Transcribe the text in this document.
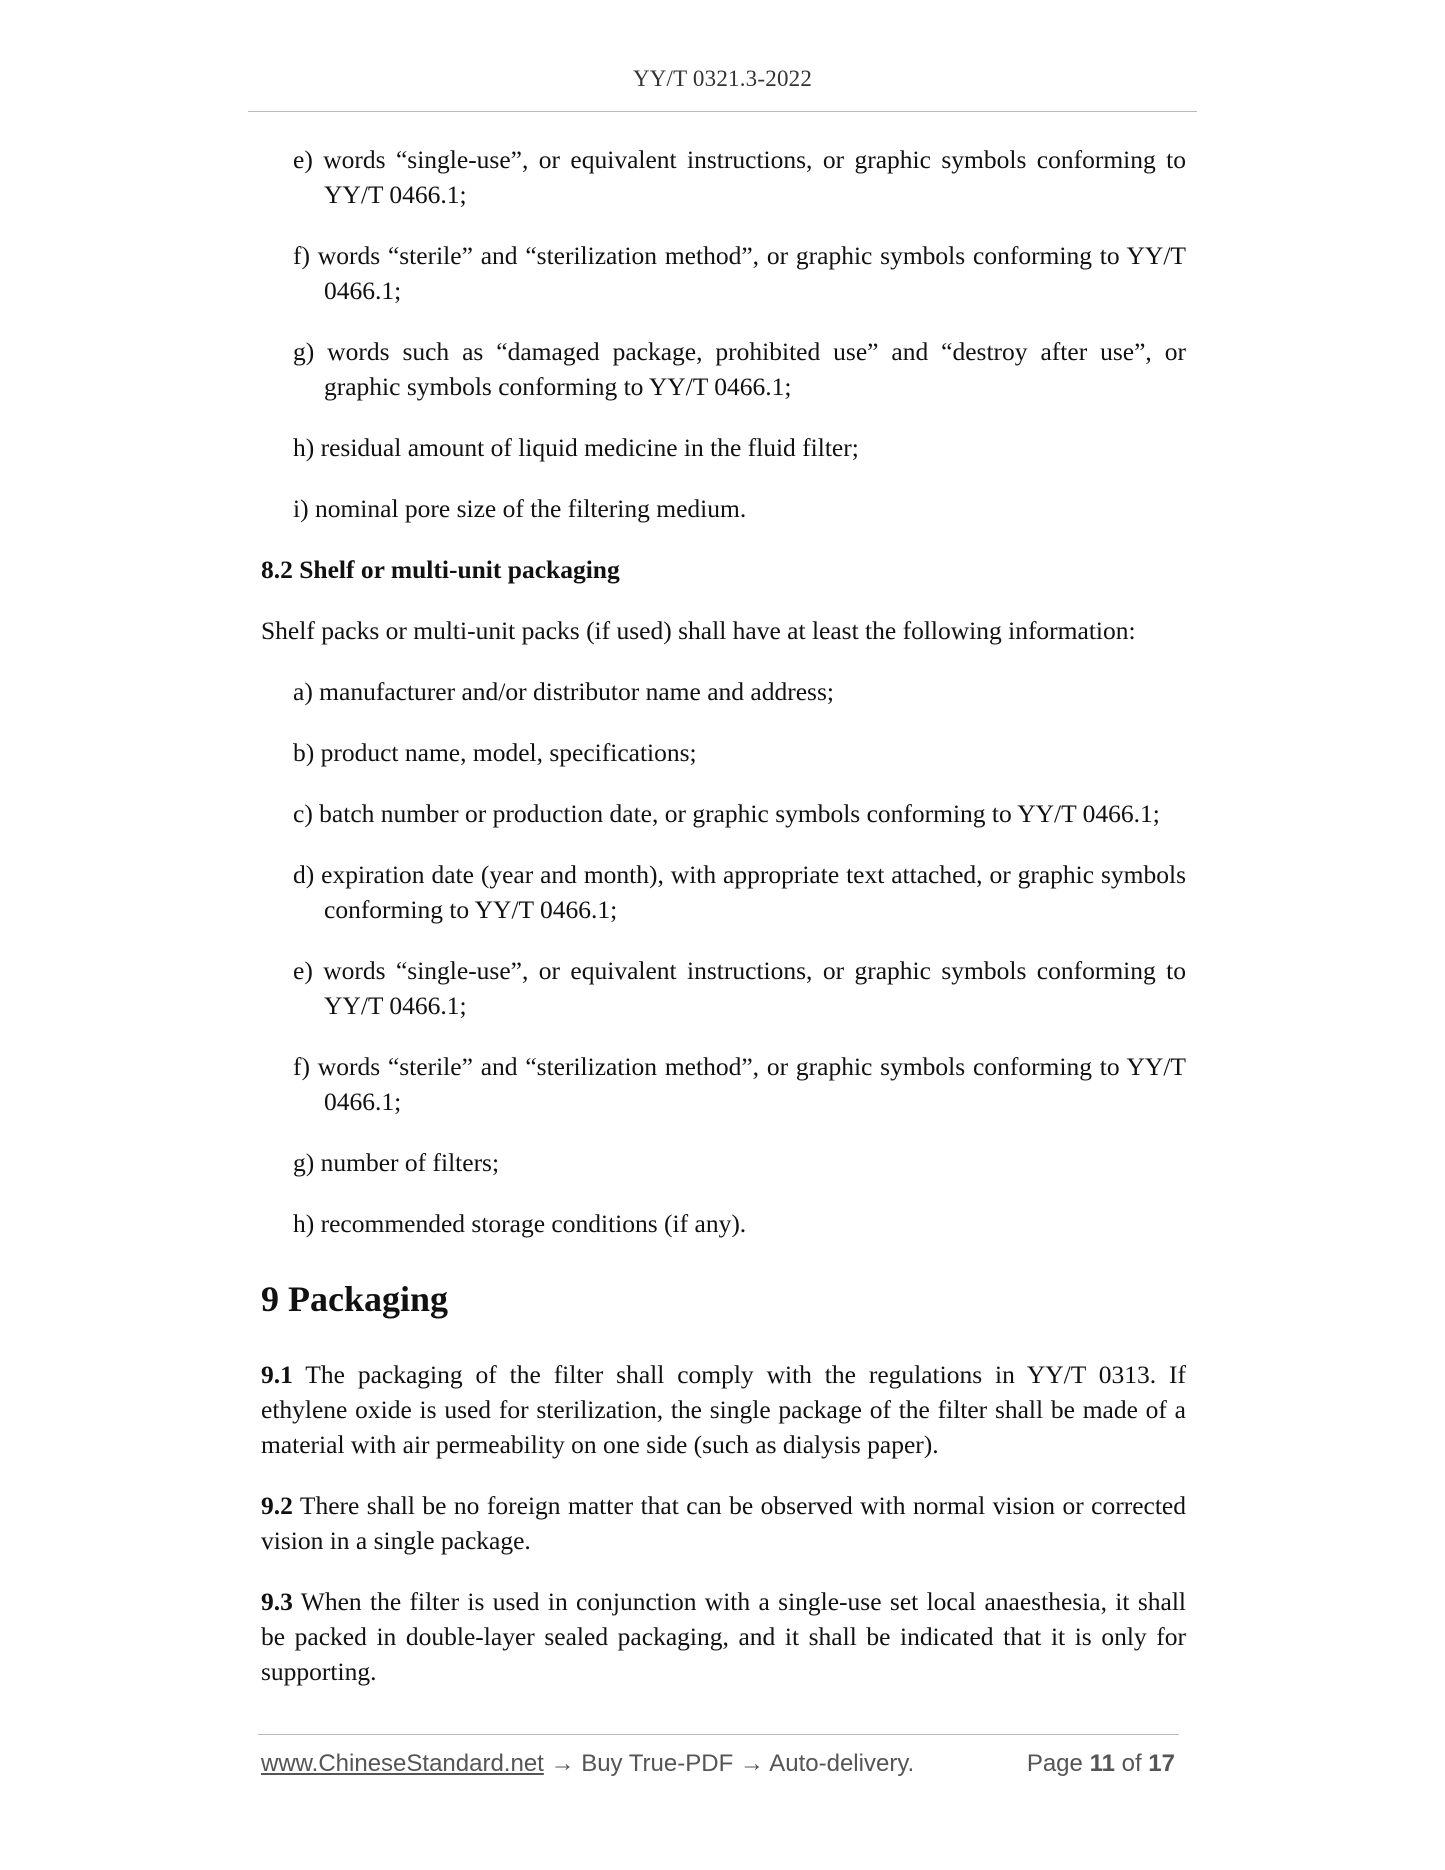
YY/T 0321.3-2022
e) words “single-use”, or equivalent instructions, or graphic symbols conforming to YY/T 0466.1;
f) words “sterile” and “sterilization method”, or graphic symbols conforming to YY/T 0466.1;
g) words such as “damaged package, prohibited use” and “destroy after use”, or graphic symbols conforming to YY/T 0466.1;
h) residual amount of liquid medicine in the fluid filter;
i) nominal pore size of the filtering medium.
8.2 Shelf or multi-unit packaging
Shelf packs or multi-unit packs (if used) shall have at least the following information:
a) manufacturer and/or distributor name and address;
b) product name, model, specifications;
c) batch number or production date, or graphic symbols conforming to YY/T 0466.1;
d) expiration date (year and month), with appropriate text attached, or graphic symbols conforming to YY/T 0466.1;
e) words “single-use”, or equivalent instructions, or graphic symbols conforming to YY/T 0466.1;
f) words “sterile” and “sterilization method”, or graphic symbols conforming to YY/T 0466.1;
g) number of filters;
h) recommended storage conditions (if any).
9 Packaging
9.1 The packaging of the filter shall comply with the regulations in YY/T 0313. If ethylene oxide is used for sterilization, the single package of the filter shall be made of a material with air permeability on one side (such as dialysis paper).
9.2 There shall be no foreign matter that can be observed with normal vision or corrected vision in a single package.
9.3 When the filter is used in conjunction with a single-use set local anaesthesia, it shall be packed in double-layer sealed packaging, and it shall be indicated that it is only for supporting.
www.ChineseStandard.net → Buy True-PDF → Auto-delivery.	Page 11 of 17
